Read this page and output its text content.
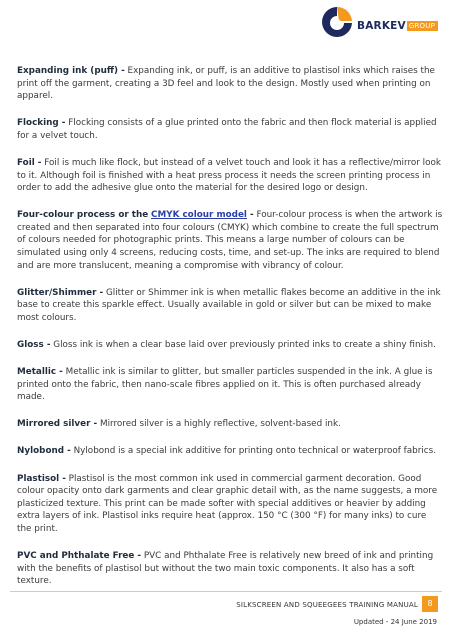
BARKEV GROUP

Expanding ink (puff) - Expanding ink, or puff, is an additive to plastisol inks which raises the print off the garment, creating a 3D feel and look to the design. Mostly used when printing on apparel.

Flocking - Flocking consists of a glue printed onto the fabric and then flock material is applied for a velvet touch.

Foil - Foil is much like flock, but instead of a velvet touch and look it has a reflective/mirror look to it. Although foil is finished with a heat press process it needs the screen printing process in order to add the adhesive glue onto the material for the desired logo or design.

Four-colour process or the CMYK colour model - Four-colour process is when the artwork is created and then separated into four colours (CMYK) which combine to create the full spectrum of colours needed for photographic prints. This means a large number of colours can be simulated using only 4 screens, reducing costs, time, and set-up. The inks are required to blend and are more translucent, meaning a compromise with vibrancy of colour.

Glitter/Shimmer - Glitter or Shimmer ink is when metallic flakes become an additive in the ink base to create this sparkle effect. Usually available in gold or silver but can be mixed to make most colours.

Gloss - Gloss ink is when a clear base laid over previously printed inks to create a shiny finish.

Metallic - Metallic ink is similar to glitter, but smaller particles suspended in the ink. A glue is printed onto the fabric, then nano-scale fibres applied on it. This is often purchased already made.

Mirrored silver - Mirrored silver is a highly reflective, solvent-based ink.

Nylobond - Nylobond is a special ink additive for printing onto technical or waterproof fabrics.

Plastisol - Plastisol is the most common ink used in commercial garment decoration. Good colour opacity onto dark garments and clear graphic detail with, as the name suggests, a more plasticized texture. This print can be made softer with special additives or heavier by adding extra layers of ink. Plastisol inks require heat (approx. 150 °C (300 °F) for many inks) to cure the print.

PVC and Phthalate Free - PVC and Phthalate Free is relatively new breed of ink and printing with the benefits of plastisol but without the two main toxic components. It also has a soft texture.

SILKSCREEN AND SQUEEGEES TRAINING MANUAL	8
Updated - 24 June 2019
